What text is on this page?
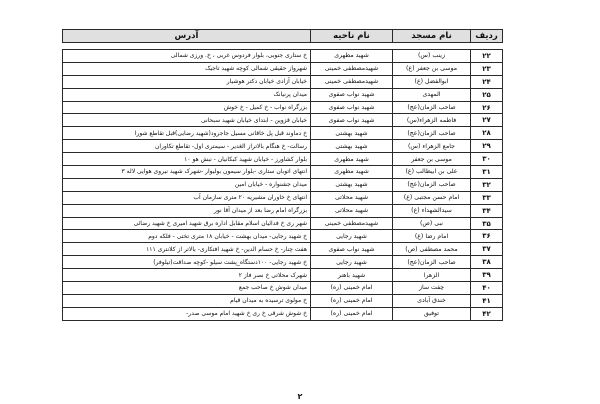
ردیف	نام مسجد	نام ناحیه	آدرس

۲۲	زینب (س)	شهید مطهری	خ ستاری جنوبی، بلوار فردوس غربی ، خ. ورزی شمالی
۲۳	موسی بن جعفر (ع)	شهیدمصطفی خمینی	شهرواز حقیقی شمالی کوچه شهید تاجیک
۲۴	ابوالفضل (ع)	شهیدمصطفی خمینی	خیابان آزادی خیابان دکتر هوشیار
۲۵	المهدی	شهید نواب صفوی	میدان پرنیانک
۲۶	صاحب الزمان(عج)	شهید نواب صفوی	بزرگراه نواب - خ کمیل - خ خوش
۲۷	فاطمه الزهراء(س)	شهید نواب صفوی	خیابان قزوین - ابتدای خیابان شهید سبحانی
۲۸	صاحب الزمان(عج)	شهید بهشتی	خ دماوند قبل پل خاقانی مسیل جاجرود(شهید رضایی)قبل تقاطع شورا
۲۹	جامع الزهراء (س)	شهید بهشتی	رسالت- خ هنگام بالاتراز الغدیر - سیمتری اول- تقاطع تکاوران
۳۰	موسی بن جعفر	شهید مطهری	بلوار کشاورز - خیابان شهید کبکانیان - نبش هو ۱۰
۳۱	علی بن ابیطالب (ع)	شهید مطهری	انتهای اتوبان ستاری -بلوار سیمون بولیوار -شهرک شهید نیروی هوایی لاله ۳
۳۲	صاحب الزمان(عج)	شهید بهشتی	میدان جشنواره - خیابان امین
۳۳	امام حسن مجتبی (ع)	شهید محلاتی	انتهای خ خاوران مشیریه ۲۰ متری سازمان آب
۳۴	سیدالشهداء (ع)	شهید محلاتی	بزرگراه امام رضا بعد از میدان آقا نور
۳۵	نبی (ص)	شهیدمصطفی خمینی	شهر ری خ فدائیان اسلام مقابل اداره برق شهید امیری خ شهید رضائی
۳۶	امام رضا (ع)	شهید رجایی	خ شهید رجایی- میدان بهشت - خیابان ۱۸ متری تختی - فلکه دوم
۳۷	محمد مصطفی (ص)	شهید نواب صفوی	هفت چنار- خ حسام الدین- خ شهید افتکاری- بالاتر از کلانتری ۱۱۱
۳۸	صاحب الزمان(عج)	شهید رجایی	خ شهید رجایی- ۱۰۰دستگاه_پشت سیلو -کوچه صداقت(تیلوفر)
۳۹	الزهرا	شهید باهنر	شهرک محلاتی خ نصر فاز ۲
۴۰	چفت ساز	امام خمینی (ره)	میدان شوش خ صاحب جمع
۴۱	خندق آبادی	امام خمینی (ره)	خ مولوی ترسیده به میدان قیام
۴۲	توفیق	امام خمینی (ره)	خ شوش شرقی خ ری خ شهید امام موسی صدر-
۲
